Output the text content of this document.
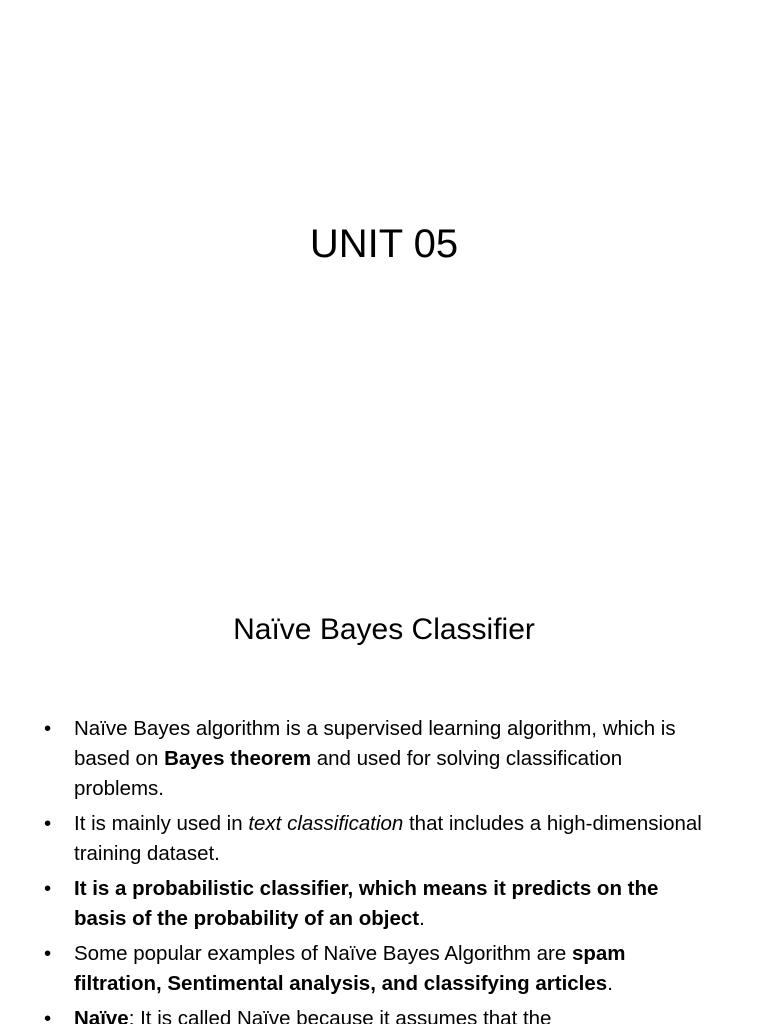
UNIT 05
Naïve Bayes Classifier
•	Naïve Bayes algorithm is a supervised learning algorithm, which is based on Bayes theorem and used for solving classification problems.
•	It is mainly used in text classification that includes a high-dimensional training dataset.
•	It is a probabilistic classifier, which means it predicts on the basis of the probability of an object.
•	Some popular examples of Naïve Bayes Algorithm are spam filtration, Sentimental analysis, and classifying articles.
•	Naïve: It is called Naïve because it assumes that the
